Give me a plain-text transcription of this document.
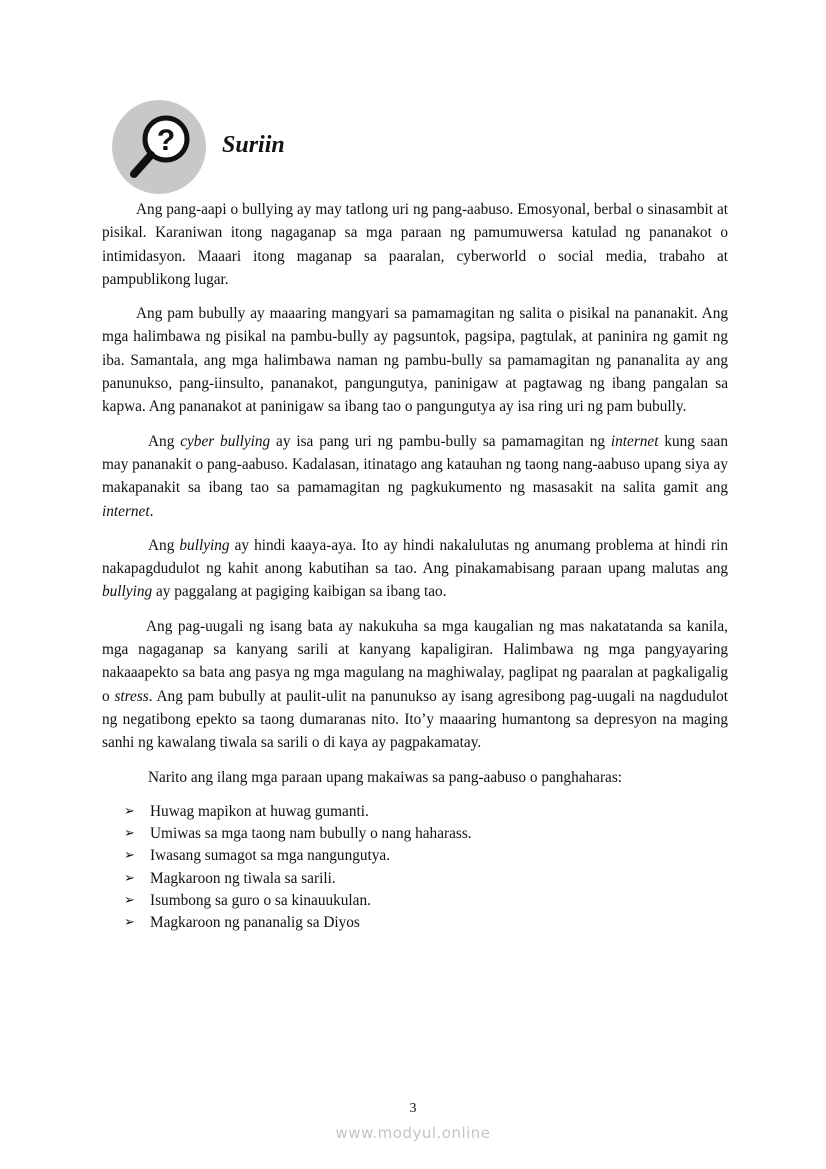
? Suriin

Ang pang-aapi o bullying ay may tatlong uri ng pang-aabuso. Emosyonal, berbal o sinasambit at pisikal. Karaniwan itong nagaganap sa mga paraan ng pamumuwersa katulad ng pananakot o intimidasyon. Maaari itong maganap sa paaralan, cyberworld o social media, trabaho at pampublikong lugar.

Ang pam bubully ay maaaring mangyari sa pamamagitan ng salita o pisikal na pananakit. Ang mga halimbawa ng pisikal na pambu-bully ay pagsuntok, pagsipa, pagtulak, at paninira ng gamit ng iba. Samantala, ang mga halimbawa naman ng pambu-bully sa pamamagitan ng pananalita ay ang panunukso, pang-iinsulto, pananakot, pangungutya, paninigaw at pagtawag ng ibang pangalan sa kapwa. Ang pananakot at paninigaw sa ibang tao o pangungutya ay isa ring uri ng pam bubully.

Ang cyber bullying ay isa pang uri ng pambu-bully sa pamamagitan ng internet kung saan may pananakit o pang-aabuso. Kadalasan, itinatago ang katauhan ng taong nang-aabuso upang siya ay makapanakit sa ibang tao sa pamamagitan ng pagkukumento ng masasakit na salita gamit ang internet.

Ang bullying ay hindi kaaya-aya. Ito ay hindi nakalulutas ng anumang problema at hindi rin nakapagdudulot ng kahit anong kabutihan sa tao. Ang pinakamabisang paraan upang malutas ang bullying ay paggalang at pagiging kaibigan sa ibang tao.

Ang pag-uugali ng isang bata ay nakukuha sa mga kaugalian ng mas nakatatanda sa kanila, mga nagaganap sa kanyang sarili at kanyang kapaligiran. Halimbawa ng mga pangyayaring nakaaapekto sa bata ang pasya ng mga magulang na maghiwalay, paglipat ng paaralan at pagkaligalig o stress. Ang pam bubully at paulit-ulit na panunukso ay isang agresibong pag-uugali na nagdudulot ng negatibong epekto sa taong dumaranas nito. Ito’y maaaring humantong sa depresyon na maging sanhi ng kawalang tiwala sa sarili o di kaya ay pagpakamatay.

Narito ang ilang mga paraan upang makaiwas sa pang-aabuso o panghaharas:

➢ Huwag mapikon at huwag gumanti.
➢ Umiwas sa mga taong nam bubully o nang haharass.
➢ Iwasang sumagot sa mga nangungutya.
➢ Magkaroon ng tiwala sa sarili.
➢ Isumbong sa guro o sa kinauukulan.
➢ Magkaroon ng pananalig sa Diyos
3
www.modyul.online
